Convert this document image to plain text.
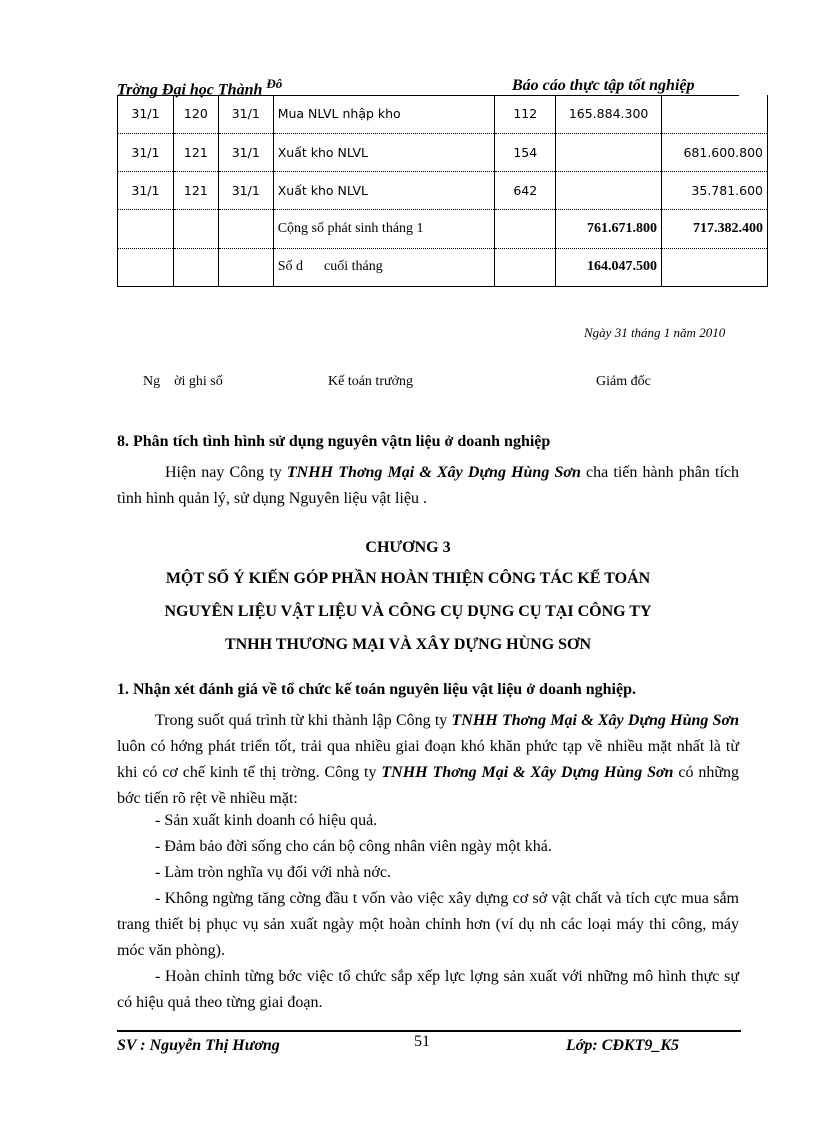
Trờng Đại học Thành $^{Đô}$	Báo cáo thực tập tốt nghiệp
31/1	120	31/1	Mua NLVL nhập kho	112	165.884.300	
31/1	121	31/1	Xuất kho NLVL	154		681.600.800
31/1	121	31/1	Xuất kho NLVL	642		35.781.600
			Cộng số phát sinh tháng 1		761.671.800	717.382.400
			Số d      cuối tháng		164.047.500	
Ngày 31 tháng 1 năm 2010
Ng    ời ghi số	Kế toán trưởng	Giám đốc
8. Phân tích tình hình sử dụng nguyên vậtn liệu ở doanh nghiệp

Hiện nay Công ty TNHH Thơng Mại & Xây Dựng Hùng Sơn cha tiến hành phân tích tình hình quản lý, sử dụng Nguyên liệu vật liệu .

CHƯƠNG 3
MỘT SỐ Ý KIẾN GÓP PHẦN HOÀN THIỆN CÔNG TÁC KẾ TOÁN
NGUYÊN LIỆU VẬT LIỆU VÀ CÔNG CỤ DỤNG CỤ TẠI CÔNG TY
TNHH THƯƠNG MẠI VÀ XÂY DỰNG HÙNG SƠN
1. Nhận xét đánh giá về tổ chức kế toán nguyên liệu vật liệu ở doanh nghiệp.

Trong suốt quá trình từ khi thành lập Công ty TNHH Thơng Mại & Xây Dựng Hùng Sơn luôn có hớng phát triển tốt, trải qua nhiều giai đoạn khó khăn phức tạp về nhiều mặt nhất là từ khi có cơ chế kinh tế thị trờng. Công ty TNHH Thơng Mại & Xây Dựng Hùng Sơn có những bớc tiến rõ rệt về nhiều mặt:

- Sản xuất kinh doanh có hiệu quả.
- Đảm bảo đời sống cho cán bộ công nhân viên ngày một khá.
- Làm tròn nghĩa vụ đối với nhà nớc.

- Không ngừng tăng cờng đầu t vốn vào việc xây dựng cơ sở vật chất và tích cực mua sắm trang thiết bị phục vụ sản xuất ngày một hoàn chỉnh hơn (ví dụ nh các loại máy thi công, máy móc văn phòng).

- Hoàn chỉnh từng bớc việc tổ chức sắp xếp lực lợng sản xuất với những mô hình thực sự có hiệu quả theo từng giai đoạn.

SV : Nguyễn Thị Hương	51	Lớp: CĐKT9_K5
